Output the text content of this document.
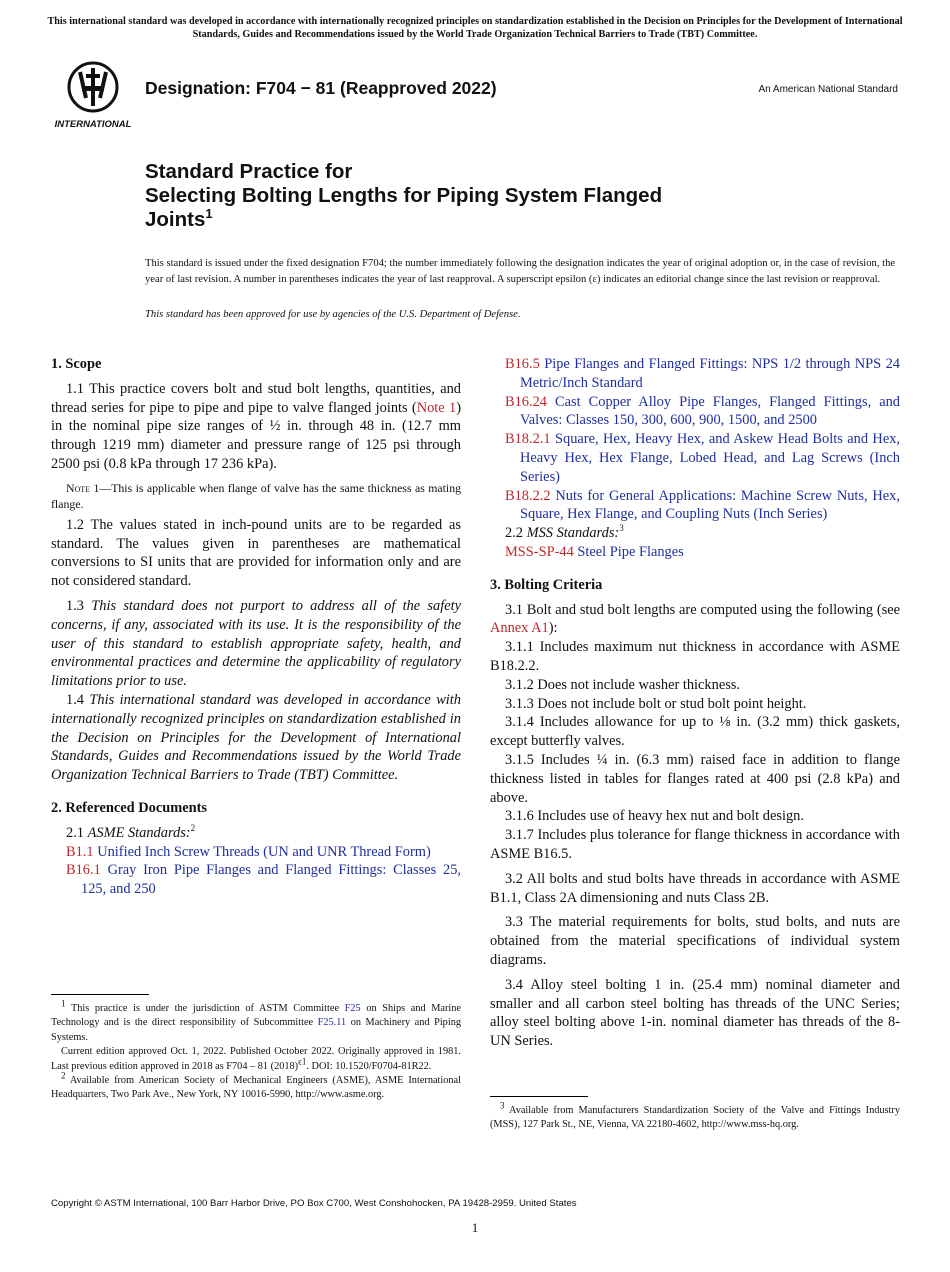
This international standard was developed in accordance with internationally recognized principles on standardization established in the Decision on Principles for the Development of International Standards, Guides and Recommendations issued by the World Trade Organization Technical Barriers to Trade (TBT) Committee.
INTERNATIONAL
Designation: F704 − 81 (Reapproved 2022)	An American National Standard
Standard Practice for
Selecting Bolting Lengths for Piping System Flanged
Joints$^1$
This standard is issued under the fixed designation F704; the number immediately following the designation indicates the year of original adoption or, in the case of revision, the year of last revision. A number in parentheses indicates the year of last reapproval. A superscript epsilon (ε) indicates an editorial change since the last revision or reapproval.
This standard has been approved for use by agencies of the U.S. Department of Defense.
1. Scope

1.1 This practice covers bolt and stud bolt lengths, quantities, and thread series for pipe to pipe and pipe to valve flanged joints (Note 1) in the nominal pipe size ranges of ½ in. through 48 in. (12.7 mm through 1219 mm) diameter and pressure range of 125 psi through 2500 psi (0.8 kPa through 17 236 kPa).

Note 1—This is applicable when flange of valve has the same thickness as mating flange.

1.2 The values stated in inch-pound units are to be regarded as standard. The values given in parentheses are mathematical conversions to SI units that are provided for information only and are not considered standard.

1.3 This standard does not purport to address all of the safety concerns, if any, associated with its use. It is the responsibility of the user of this standard to establish appropriate safety, health, and environmental practices and determine the applicability of regulatory limitations prior to use.

1.4 This international standard was developed in accordance with internationally recognized principles on standardization established in the Decision on Principles for the Development of International Standards, Guides and Recommendations issued by the World Trade Organization Technical Barriers to Trade (TBT) Committee.

2. Referenced Documents

2.1 ASME Standards:$^2$

B1.1 Unified Inch Screw Threads (UN and UNR Thread Form)

B16.1 Gray Iron Pipe Flanges and Flanged Fittings: Classes 25, 125, and 250

B16.5 Pipe Flanges and Flanged Fittings: NPS 1/2 through NPS 24 Metric/Inch Standard

B16.24 Cast Copper Alloy Pipe Flanges, Flanged Fittings, and Valves: Classes 150, 300, 600, 900, 1500, and 2500

B18.2.1 Square, Hex, Heavy Hex, and Askew Head Bolts and Hex, Heavy Hex, Hex Flange, Lobed Head, and Lag Screws (Inch Series)

B18.2.2 Nuts for General Applications: Machine Screw Nuts, Hex, Square, Hex Flange, and Coupling Nuts (Inch Series)

2.2 MSS Standards:$^3$

MSS-SP-44 Steel Pipe Flanges

3. Bolting Criteria

3.1 Bolt and stud bolt lengths are computed using the following (see Annex A1):

3.1.1 Includes maximum nut thickness in accordance with ASME B18.2.2.

3.1.2 Does not include washer thickness.

3.1.3 Does not include bolt or stud bolt point height.

3.1.4 Includes allowance for up to ⅛ in. (3.2 mm) thick gaskets, except butterfly valves.

3.1.5 Includes ¼ in. (6.3 mm) raised face in addition to flange thickness listed in tables for flanges rated at 400 psi (2.8 kPa) and above.

3.1.6 Includes use of heavy hex nut and bolt design.

3.1.7 Includes plus tolerance for flange thickness in accordance with ASME B16.5.

3.2 All bolts and stud bolts have threads in accordance with ASME B1.1, Class 2A dimensioning and nuts Class 2B.

3.3 The material requirements for bolts, stud bolts, and nuts are obtained from the material specifications of individual system diagrams.

3.4 Alloy steel bolting 1 in. (25.4 mm) nominal diameter and smaller and all carbon steel bolting has threads of the UNC Series; alloy steel bolting above 1-in. nominal diameter has threads of the 8-UN Series.

$^1$ This practice is under the jurisdiction of ASTM Committee F25 on Ships and Marine Technology and is the direct responsibility of Subcommittee F25.11 on Machinery and Piping Systems.

Current edition approved Oct. 1, 2022. Published October 2022. Originally approved in 1981. Last previous edition approved in 2018 as F704 – 81 $(2018)^{\varepsilon 1}$. DOI: 10.1520/F0704-81R22.

$^2$ Available from American Society of Mechanical Engineers (ASME), ASME International Headquarters, Two Park Ave., New York, NY 10016-5990, http://www.asme.org.

$^3$ Available from Manufacturers Standardization Society of the Valve and Fittings Industry (MSS), 127 Park St., NE, Vienna, VA 22180-4602, http://www.mss-hq.org.

Copyright © ASTM International, 100 Barr Harbor Drive, PO Box C700, West Conshohocken, PA 19428-2959. United States
1
